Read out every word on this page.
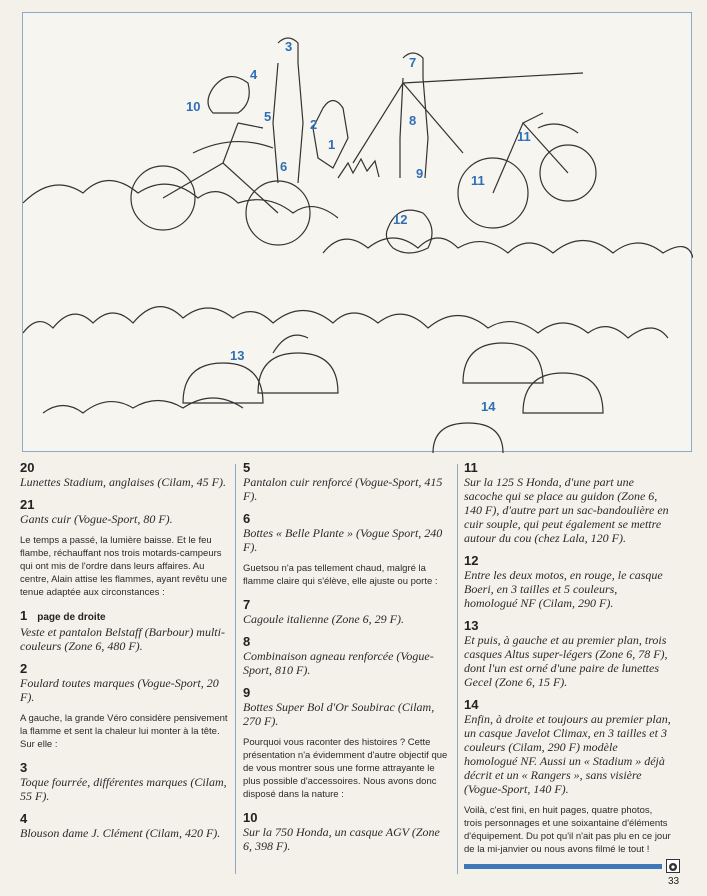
1
2
3
4
5
6
7
8
9
10
11
11
12
13
14

20

Lunettes Stadium, anglaises (Cilam, 45 F).

21

Gants cuir (Vogue-Sport, 80 F).

Le temps a passé, la lumière baisse. Et le feu flambe, réchauffant nos trois motards-campeurs qui ont mis de l'ordre dans leurs affaires. Au centre, Alain attise les flammes, ayant revêtu une tenue adaptée aux circonstances :

1 page de droite

Veste et pantalon Belstaff (Barbour) multi-couleurs (Zone 6, 480 F).

2

Foulard toutes marques (Vogue-Sport, 20 F).

A gauche, la grande Véro considère pensivement la flamme et sent la chaleur lui monter à la tête. Sur elle :

3

Toque fourrée, différentes marques (Cilam, 55 F).

4

Blouson dame J. Clément (Cilam, 420 F).

5

Pantalon cuir renforcé (Vogue-Sport, 415 F).

6

Bottes « Belle Plante » (Vogue Sport, 240 F).

Guetsou n'a pas tellement chaud, malgré la flamme claire qui s'élève, elle ajuste ou porte :

7

Cagoule italienne (Zone 6, 29 F).

8

Combinaison agneau renforcée (Vogue-Sport, 810 F).

9

Bottes Super Bol d'Or Soubirac (Cilam, 270 F).

Pourquoi vous raconter des histoires ? Cette présentation n'a évidemment d'autre objectif que de vous montrer sous une forme attrayante le plus possible d'accessoires. Nous avons donc disposé dans la nature :

10

Sur la 750 Honda, un casque AGV (Zone 6, 398 F).

11

Sur la 125 S Honda, d'une part une sacoche qui se place au guidon (Zone 6, 140 F), d'autre part un sac-bandoulière en cuir souple, qui peut également se mettre autour du cou (chez Lala, 120 F).

12

Entre les deux motos, en rouge, le casque Boeri, en 3 tailles et 5 couleurs, homologué NF (Cilam, 290 F).

13

Et puis, à gauche et au premier plan, trois casques Altus super-légers (Zone 6, 78 F), dont l'un est orné d'une paire de lunettes Gecel (Zone 6, 15 F).

14

Enfin, à droite et toujours au premier plan, un casque Javelot Climax, en 3 tailles et 3 couleurs (Cilam, 290 F) modèle homologué NF. Aussi un « Stadium » déjà décrit et un « Rangers », sans visière (Vogue-Sport, 140 F).

Voilà, c'est fini, en huit pages, quatre photos, trois personnages et une soixantaine d'éléments d'équipement. Du pot qu'il n'ait pas plu en ce jour de la mi-janvier ou nous avons filmé le tout !

33
